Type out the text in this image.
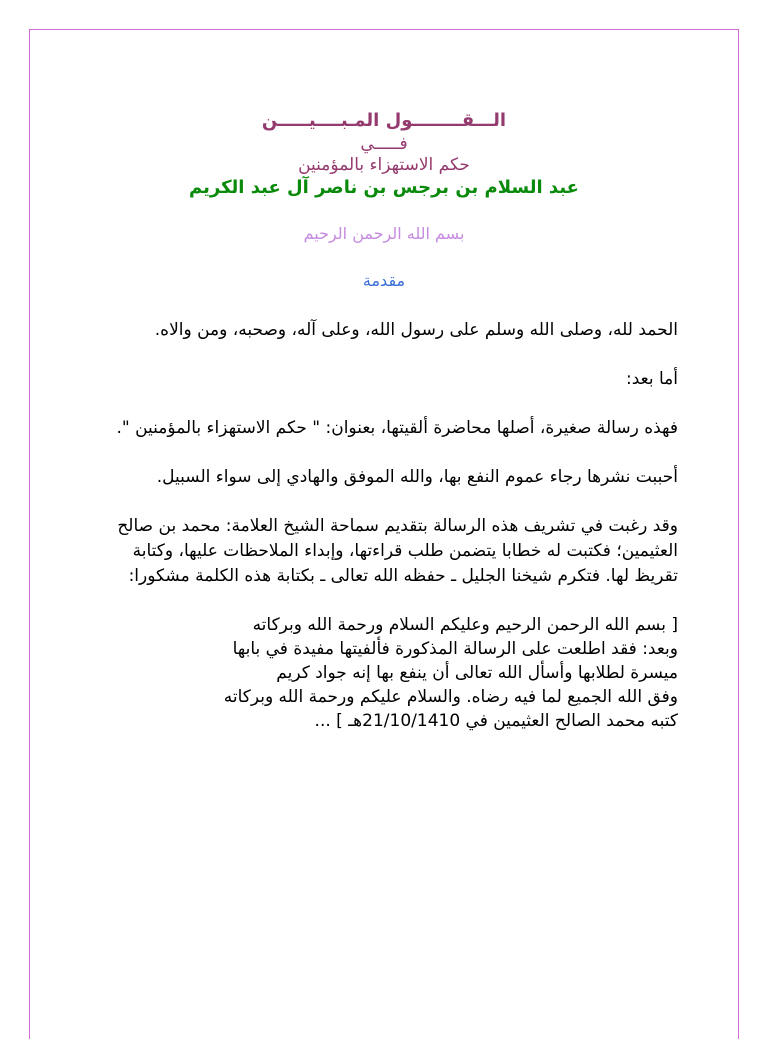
الـــقــــــــول المـبــــيـــــن
فـــــي
حكم الاستهزاء بالمؤمنين
عبد السلام بن برجس بن ناصر آل عبد الكريم
بسم الله الرحمن الرحيم
مقدمة

الحمد لله، وصلى الله وسلم على رسول الله، وعلى آله، وصحبه، ومن والاه.

أما بعد:

فهذه رسالة صغيرة، أصلها محاضرة ألقيتها، بعنوان: " حكم الاستهزاء بالمؤمنين ".

أحببت نشرها رجاء عموم النفع بها، والله الموفق والهادي إلى سواء السبيل.

وقد رغبت في تشريف هذه الرسالة بتقديم سماحة الشيخ العلامة: محمد بن صالح العثيمين؛ فكتبت له خطابا يتضمن طلب قراءتها، وإبداء الملاحظات عليها، وكتابة تقريظ لها. فتكرم شيخنا الجليل ـ حفظه الله تعالى ـ بكتابة هذه الكلمة مشكورا:

[ بسم الله الرحمن الرحيم وعليكم السلام ورحمة الله وبركاته
وبعد: فقد اطلعت على الرسالة المذكورة فألفيتها مفيدة في بابها
ميسرة لطلابها وأسأل الله تعالى أن ينفع بها إنه جواد كريم
وفق الله الجميع لما فيه رضاه. والسلام عليكم ورحمة الله وبركاته
كتبه محمد الصالح العثيمين في 21/10/1410هـ ] ...
